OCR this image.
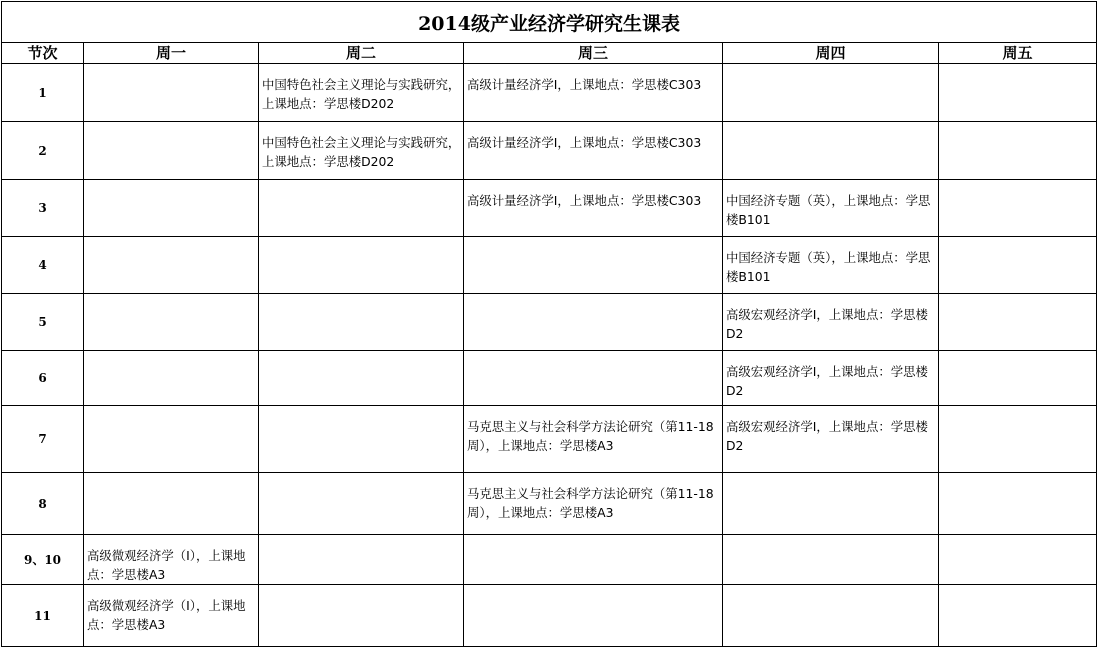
2014级产业经济学研究生课表					
节次	周一	周二	周三	周四	周五
1		中国特色社会主义理论与实践研究，上课地点：学思楼D202	高级计量经济学I，上课地点：学思楼C303		

2		中国特色社会主义理论与实践研究，上课地点：学思楼D202	高级计量经济学I，上课地点：学思楼C303		

3			高级计量经济学I，上课地点：学思楼C303	中国经济专题（英），上课地点：学思楼B101	

4				中国经济专题（英），上课地点：学思楼B101	

5				高级宏观经济学I，上课地点：学思楼D2	

6				高级宏观经济学I，上课地点：学思楼D2	

7			马克思主义与社会科学方法论研究（第11-18周），上课地点：学思楼A3	高级宏观经济学I，上课地点：学思楼D2	

8			马克思主义与社会科学方法论研究（第11-18周），上课地点：学思楼A3		

9、10	高级微观经济学（I），上课地点：学思楼A3				

11	高级微观经济学（I），上课地点：学思楼A3				
